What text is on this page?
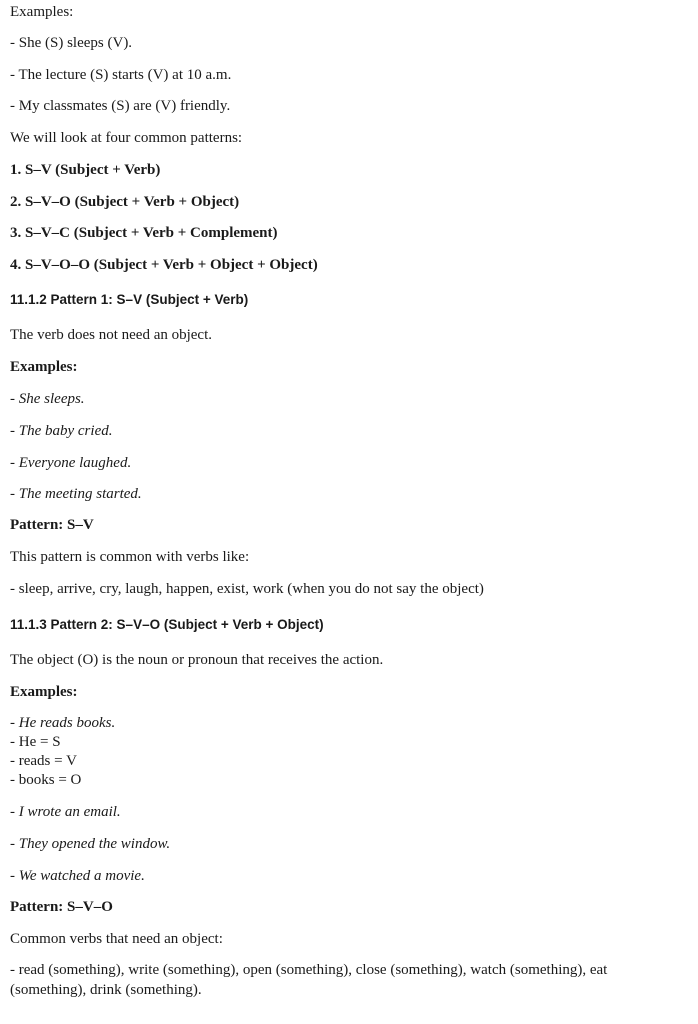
Examples:
- She (S) sleeps (V).
- The lecture (S) starts (V) at 10 a.m.
- My classmates (S) are (V) friendly.
We will look at four common patterns:
1. S–V (Subject + Verb)
2. S–V–O (Subject + Verb + Object)
3. S–V–C (Subject + Verb + Complement)
4. S–V–O–O (Subject + Verb + Object + Object)
11.1.2 Pattern 1: S–V (Subject + Verb)
The verb does not need an object.
Examples:
- She sleeps.
- The baby cried.
- Everyone laughed.
- The meeting started.
Pattern: S–V
This pattern is common with verbs like:
- sleep, arrive, cry, laugh, happen, exist, work (when you do not say the object)
11.1.3 Pattern 2: S–V–O (Subject + Verb + Object)
The object (O) is the noun or pronoun that receives the action.
Examples:
- He reads books.
- He = S
- reads = V
- books = O
- I wrote an email.
- They opened the window.
- We watched a movie.
Pattern: S–V–O
Common verbs that need an object:
- read (something), write (something), open (something), close (something), watch (something), eat
(something), drink (something).
